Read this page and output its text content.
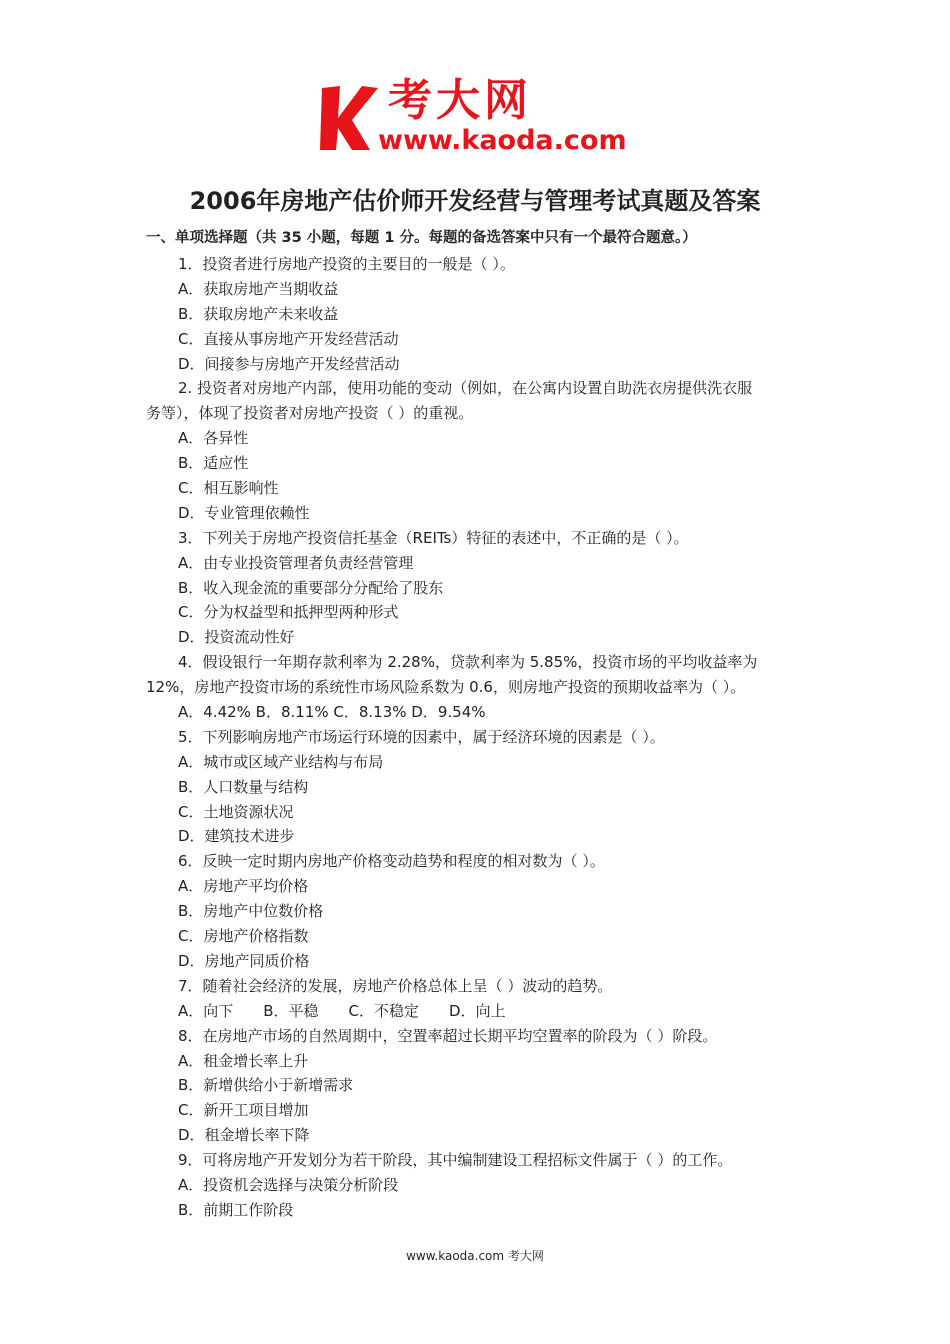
考大网
www.kaoda.com
2006年房地产估价师开发经营与管理考试真题及答案
一、单项选择题（共 35 小题，每题 1 分。每题的备选答案中只有一个最符合题意。）
1．投资者进行房地产投资的主要目的一般是（ ）。
A．获取房地产当期收益
B．获取房地产未来收益
C．直接从事房地产开发经营活动
D．间接参与房地产开发经营活动
2. 投资者对房地产内部，使用功能的变动（例如，在公寓内设置自助洗衣房提供洗衣服
务等），体现了投资者对房地产投资（ ）的重视。
A．各异性
B．适应性
C．相互影响性
D．专业管理依赖性
3．下列关于房地产投资信托基金（REITs）特征的表述中，不正确的是（ ）。
A．由专业投资管理者负责经营管理
B．收入现金流的重要部分分配给了股东
C．分为权益型和抵押型两种形式
D．投资流动性好
4．假设银行一年期存款利率为 2.28%，贷款利率为 5.85%，投资市场的平均收益率为
12%，房地产投资市场的系统性市场风险系数为 0.6，则房地产投资的预期收益率为（ ）。
A．4.42% B．8.11% C．8.13% D．9.54%
5．下列影响房地产市场运行环境的因素中，属于经济环境的因素是（ ）。
A．城市或区域产业结构与布局
B．人口数量与结构
C．土地资源状况
D．建筑技术进步
6．反映一定时期内房地产价格变动趋势和程度的相对数为（ ）。
A．房地产平均价格
B．房地产中位数价格
C．房地产价格指数
D．房地产同质价格
7．随着社会经济的发展，房地产价格总体上呈（ ）波动的趋势。
A．向下　　B．平稳　　C．不稳定　　D．向上
8．在房地产市场的自然周期中，空置率超过长期平均空置率的阶段为（ ）阶段。
A．租金增长率上升
B．新增供给小于新增需求
C．新开工项目增加
D．租金增长率下降
9．可将房地产开发划分为若干阶段，其中编制建设工程招标文件属于（ ）的工作。
A．投资机会选择与决策分析阶段
B．前期工作阶段
www.kaoda.com 考大网
